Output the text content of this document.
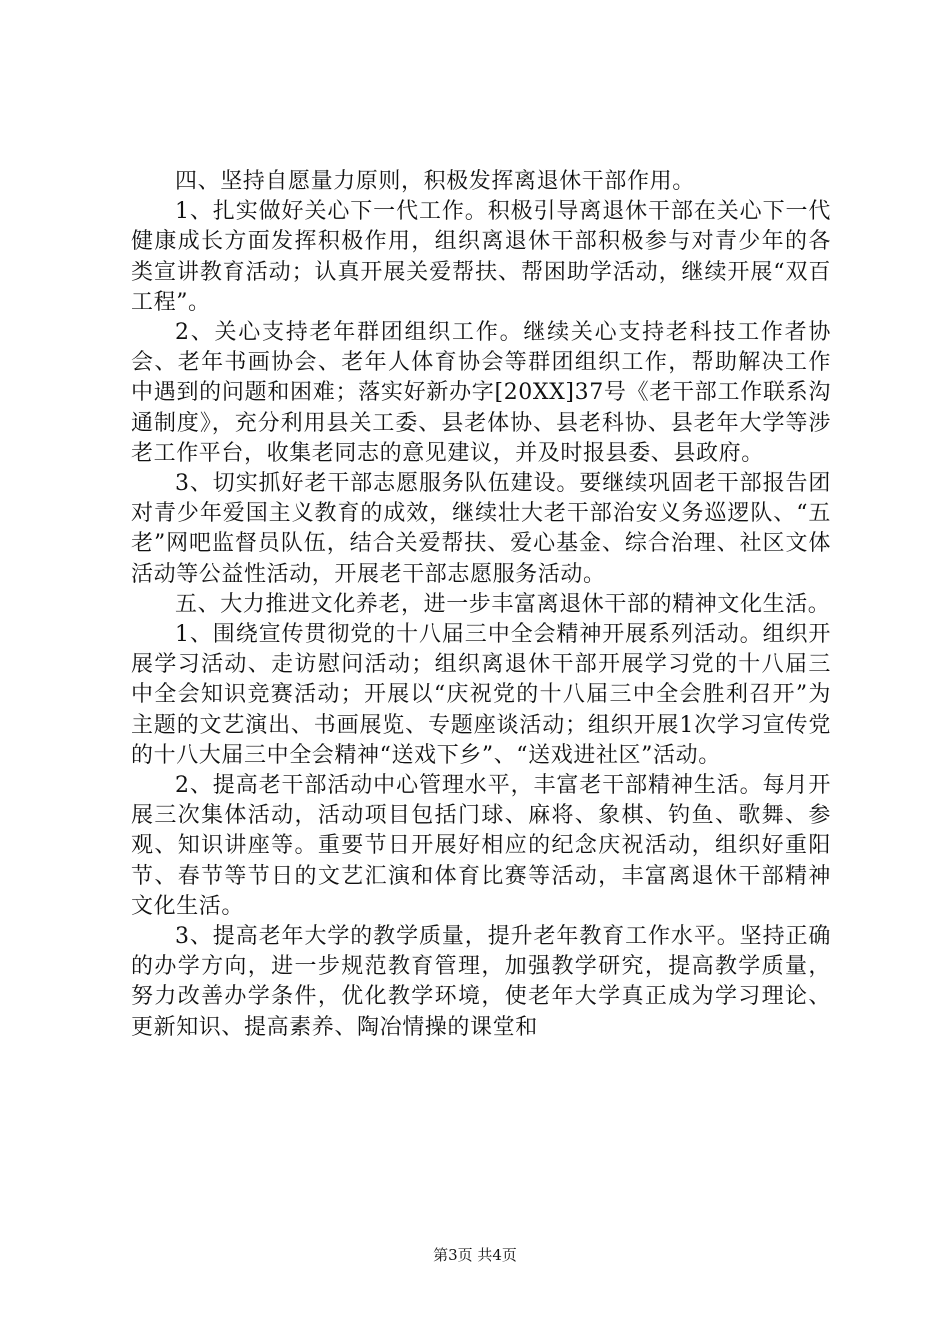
四、坚持自愿量力原则，积极发挥离退休干部作用。

1、扎实做好关心下一代工作。积极引导离退休干部在关心下一代健康成长方面发挥积极作用，组织离退休干部积极参与对青少年的各类宣讲教育活动；认真开展关爱帮扶、帮困助学活动，继续开展“双百工程”。

2、关心支持老年群团组织工作。继续关心支持老科技工作者协会、老年书画协会、老年人体育协会等群团组织工作，帮助解决工作中遇到的问题和困难；落实好新办字[20XX]37号《老干部工作联系沟通制度》，充分利用县关工委、县老体协、县老科协、县老年大学等涉老工作平台，收集老同志的意见建议，并及时报县委、县政府。

3、切实抓好老干部志愿服务队伍建设。要继续巩固老干部报告团对青少年爱国主义教育的成效，继续壮大老干部治安义务巡逻队、“五老”网吧监督员队伍，结合关爱帮扶、爱心基金、综合治理、社区文体活动等公益性活动，开展老干部志愿服务活动。

五、大力推进文化养老，进一步丰富离退休干部的精神文化生活。

1、围绕宣传贯彻党的十八届三中全会精神开展系列活动。组织开展学习活动、走访慰问活动；组织离退休干部开展学习党的十八届三中全会知识竞赛活动；开展以“庆祝党的十八届三中全会胜利召开”为主题的文艺演出、书画展览、专题座谈活动；组织开展1次学习宣传党的十八大届三中全会精神“送戏下乡”、“送戏进社区”活动。

2、提高老干部活动中心管理水平，丰富老干部精神生活。每月开展三次集体活动，活动项目包括门球、麻将、象棋、钓鱼、歌舞、参观、知识讲座等。重要节日开展好相应的纪念庆祝活动，组织好重阳节、春节等节日的文艺汇演和体育比赛等活动，丰富离退休干部精神文化生活。

3、提高老年大学的教学质量，提升老年教育工作水平。坚持正确的办学方向，进一步规范教育管理，加强教学研究，提高教学质量，努力改善办学条件，优化教学环境，使老年大学真正成为学习理论、更新知识、提高素养、陶冶情操的课堂和

第3页 共4页
